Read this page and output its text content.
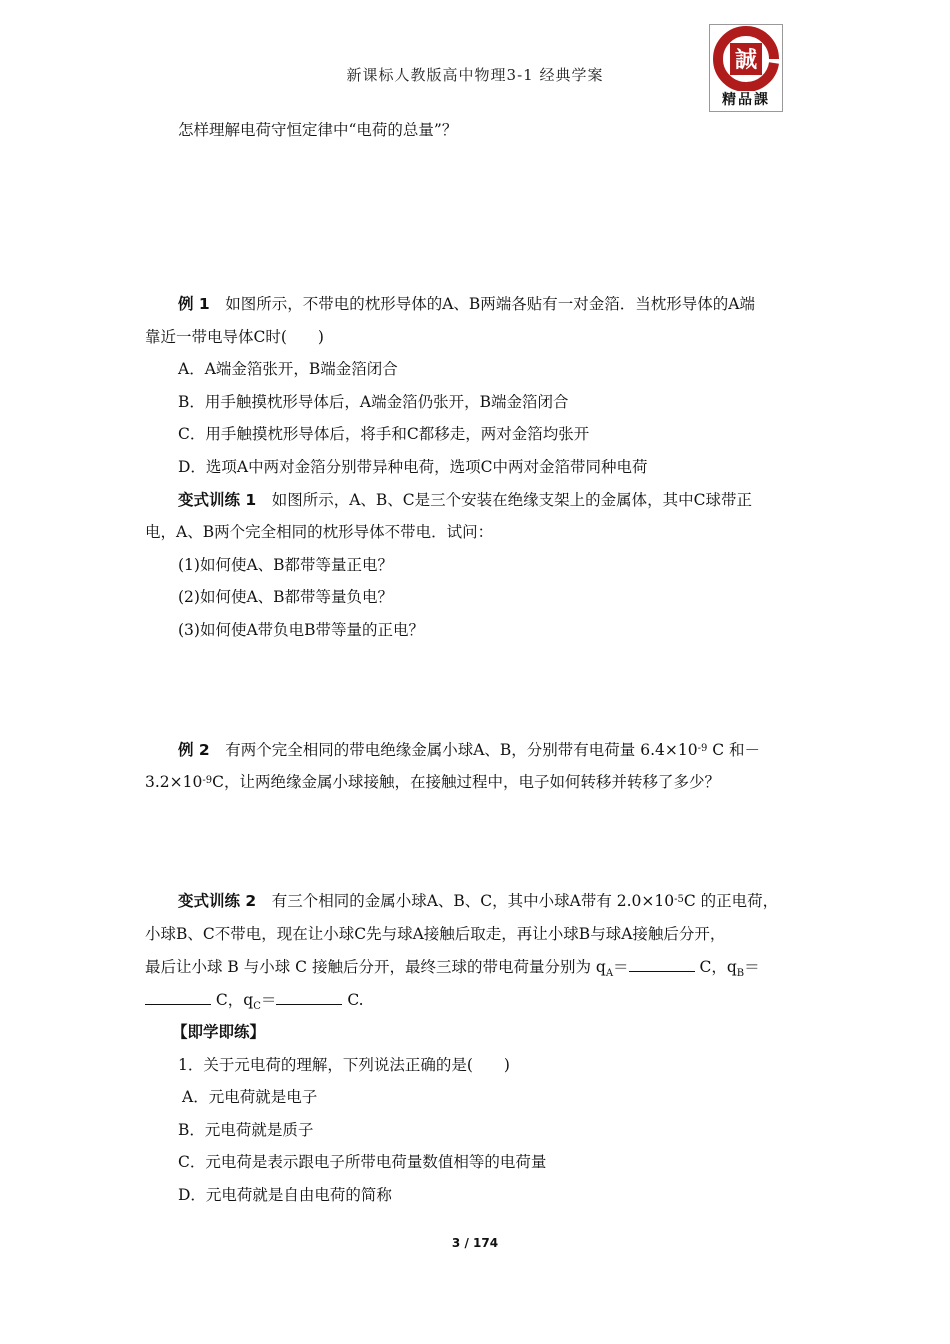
新课标人教版高中物理3-1 经典学案
誠
精品課
怎样理解电荷守恒定律中“电荷的总量”？
例 1　 如图所示，不带电的枕形导体的A、B两端各贴有一对金箔．当枕形导体的A端
靠近一带电导体C时(　　)
A．A端金箔张开，B端金箔闭合
B．用手触摸枕形导体后，A端金箔仍张开，B端金箔闭合
C．用手触摸枕形导体后，将手和C都移走，两对金箔均张开
D．选项A中两对金箔分别带异种电荷，选项C中两对金箔带同种电荷
变式训练 1　 如图所示，A、B、C是三个安装在绝缘支架上的金属体，其中C球带正
电，A、B两个完全相同的枕形导体不带电．试问：
(1)如何使A、B都带等量正电？
(2)如何使A、B都带等量负电？
(3)如何使A带负电B带等量的正电？
例 2　 有两个完全相同的带电绝缘金属小球A、B，分别带有电荷量 $6.4\times 10^{-9}$ C 和－
$3.2\times 10^{-9}C$，让两绝缘金属小球接触，在接触过程中，电子如何转移并转移了多少？
变式训练 2　 有三个相同的金属小球A、B、C，其中小球A带有 $2.0\times 10^{-5}C$ 的正电荷，
小球B、C不带电，现在让小球C先与球A接触后取走，再让小球B与球A接触后分开，
最后让小球 B 与小球 C 接触后分开，最终三球的带电荷量分别为 $q_A=$	C，$q_B=$
C，$q_C=$	C.
【即学即练】
1．关于元电荷的理解，下列说法正确的是(　　)
A．元电荷就是电子
B．元电荷就是质子
C．元电荷是表示跟电子所带电荷量数值相等的电荷量
D．元电荷就是自由电荷的简称
3 / 174
